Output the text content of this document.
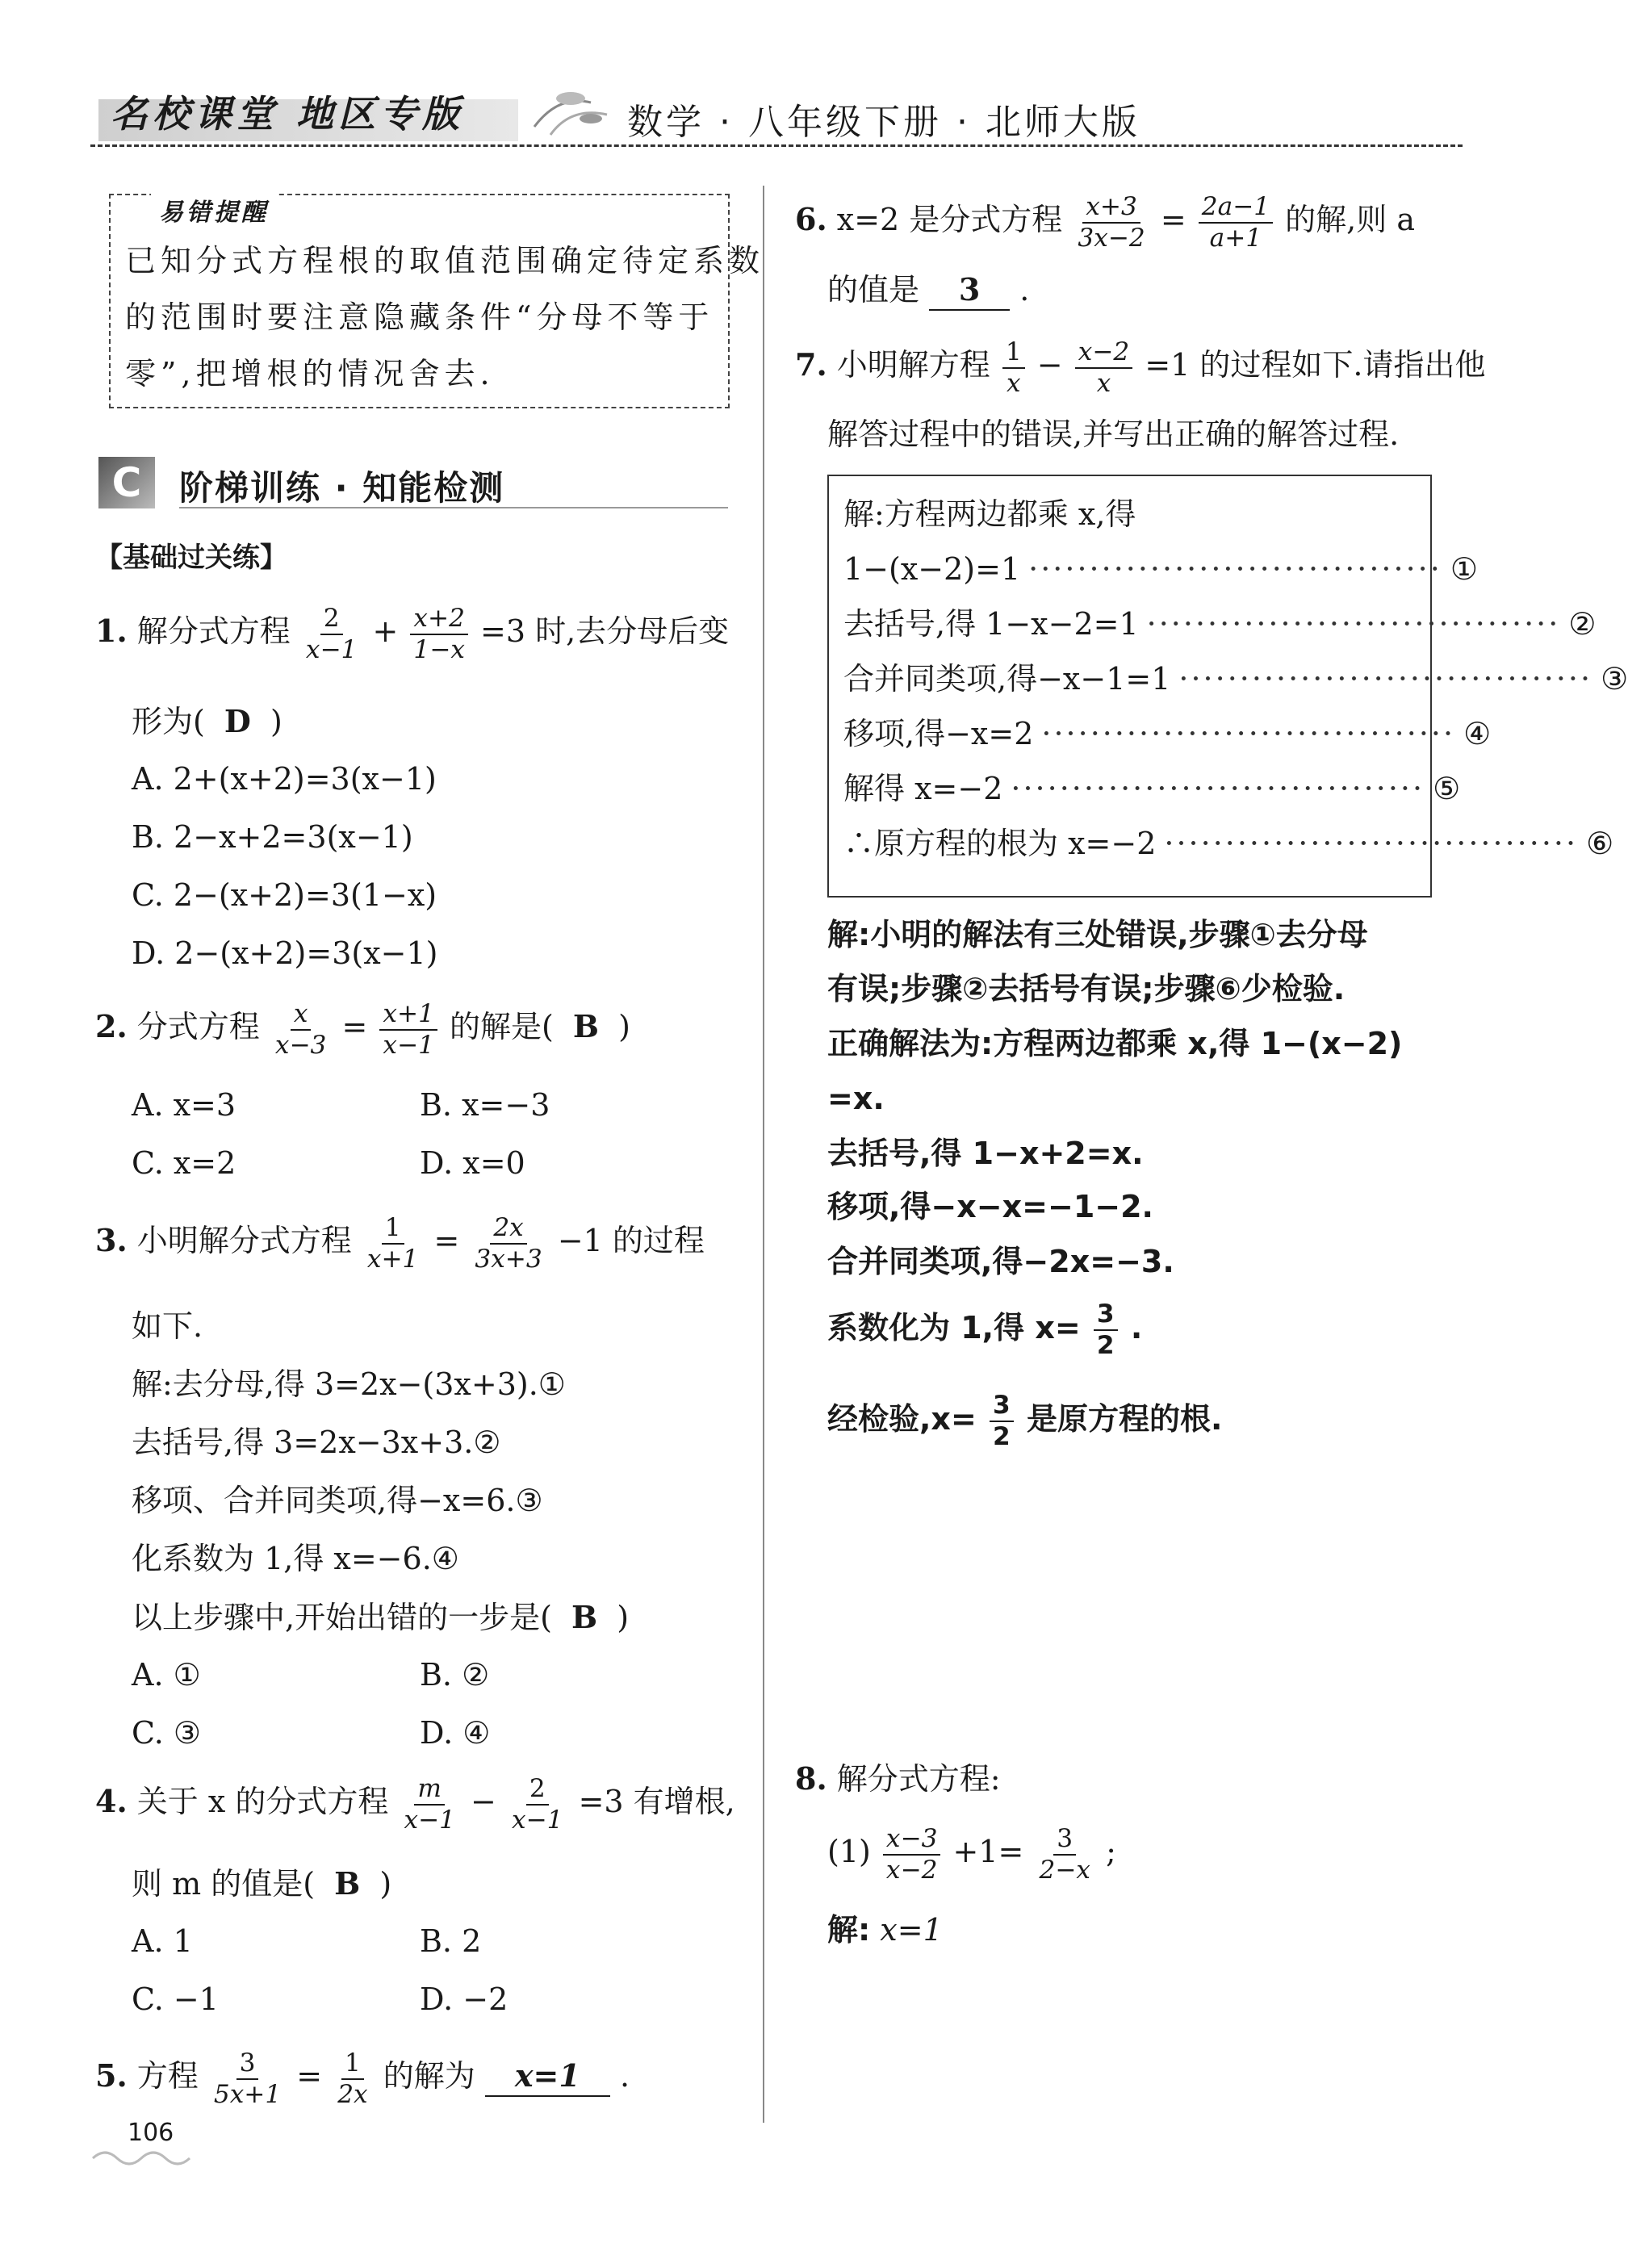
名校课堂 地区专版	数学 · 八年级下册 · 北师大版
易错提醒
已知分式方程根的取值范围确定待定系数
的范围时要注意隐藏条件“分母不等于
零”,把增根的情况舍去.
C	阶梯训练 · 知能检测
【基础过关练】
1. 解分式方程 $\frac{2}{x-1} + \frac{x+2}{1-x} =3$ 时,去分母后变
形为( D )
A. 2+(x+2)=3(x−1)
B. 2−x+2=3(x−1)
C. 2−(x+2)=3(1−x)
D. 2−(x+2)=3(x−1)
2. 分式方程 $\frac{x}{x-3} = \frac{x+1}{x-1}$ 的解是( B )
A. x=3	B. x=−3
C. x=2	D. x=0
3. 小明解分式方程 $\frac{1}{x+1} = \frac{2x}{3x+3} -1$ 的过程
如下.
解:去分母,得 3=2x−(3x+3).①
去括号,得 3=2x−3x+3.②
移项、合并同类项,得−x=6.③
化系数为 1,得 x=−6.④
以上步骤中,开始出错的一步是( B )
A. ①	B. ②
C. ③	D. ④
4. 关于 x 的分式方程 $\frac{m}{x-1} - \frac{2}{x-1} =3$ 有增根,
则 m 的值是( B )
A. 1	B. 2
C. −1	D. −2
5. 方程 $\frac{3}{5x+1} = \frac{1}{2x}$ 的解为 x=1 .
106
6. x=2 是分式方程 $\frac{x+3}{3x-2} = \frac{2a-1}{a+1}$ 的解,则 a
的值是 3 .
7. 小明解方程 $\frac{1}{x} - \frac{x-2}{x} =1$ 的过程如下.请指出他
解答过程中的错误,并写出正确的解答过程.
解:方程两边都乘 x,得
1−(x−2)=1 ·································· ①
去括号,得 1−x−2=1 ·································· ②
合并同类项,得−x−1=1 ·································· ③
移项,得−x=2 ·································· ④
解得 x=−2 ·································· ⑤
∴原方程的根为 x=−2 ·································· ⑥
解:小明的解法有三处错误,步骤①去分母
有误;步骤②去括号有误;步骤⑥少检验.
正确解法为:方程两边都乘 x,得 1−(x−2)
=x.
去括号,得 1−x+2=x.
移项,得−x−x=−1−2.
合并同类项,得−2x=−3.
系数化为 1,得 $x= \frac{3}{2}$ .
经检验$,x= \frac{3}{2}$ 是原方程的根.
8. 解分式方程:
$(1) \frac{x-3}{x-2} +1= \frac{3}{2-x}$ ;
解: x=1
